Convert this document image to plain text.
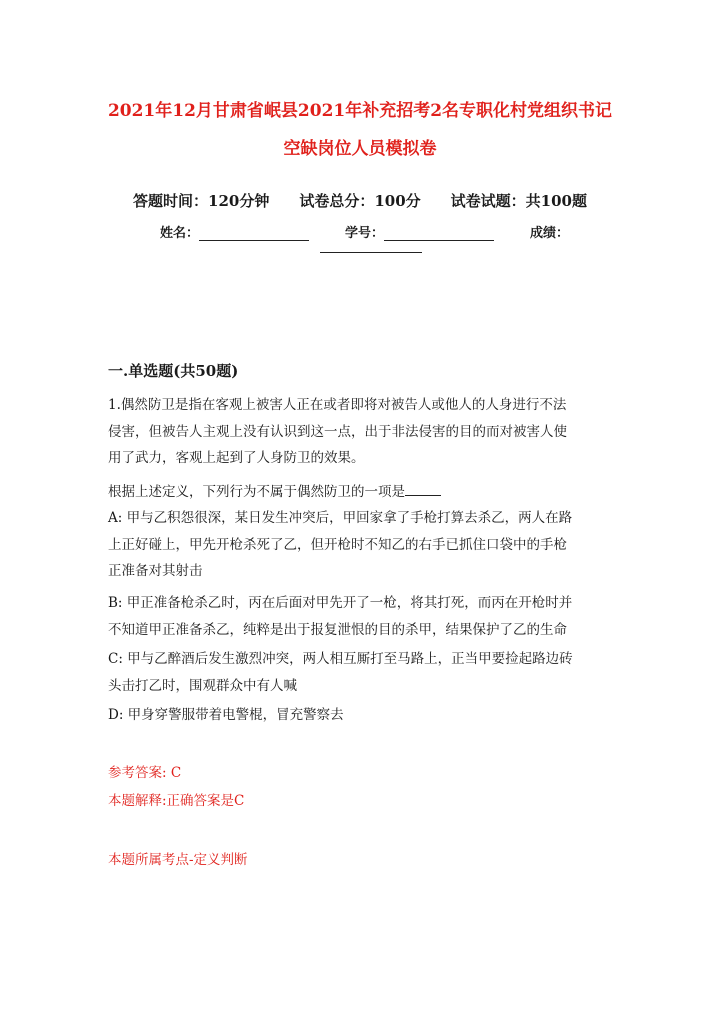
2021年12月甘肃省岷县2021年补充招考2名专职化村党组织书记
空缺岗位人员模拟卷
答题时间：120分钟 试卷总分：100分 试卷试题：共100题
姓名：	学号：	成绩：
一.单选题(共50题)
1.偶然防卫是指在客观上被害人正在或者即将对被告人或他人的人身进行不法
侵害，但被告人主观上没有认识到这一点，出于非法侵害的目的而对被害人使
用了武力，客观上起到了人身防卫的效果。
根据上述定义，下列行为不属于偶然防卫的一项是
A: 甲与乙积怨很深，某日发生冲突后，甲回家拿了手枪打算去杀乙，两人在路
上正好碰上，甲先开枪杀死了乙，但开枪时不知乙的右手已抓住口袋中的手枪
正准备对其射击
B: 甲正准备枪杀乙时，丙在后面对甲先开了一枪，将其打死，而丙在开枪时并
不知道甲正准备杀乙，纯粹是出于报复泄恨的目的杀甲，结果保护了乙的生命
C: 甲与乙醉酒后发生激烈冲突，两人相互厮打至马路上，正当甲要捡起路边砖
头击打乙时，围观群众中有人喊
D: 甲身穿警服带着电警棍，冒充警察去
参考答案: C
本题解释:正确答案是C
本题所属考点-定义判断
